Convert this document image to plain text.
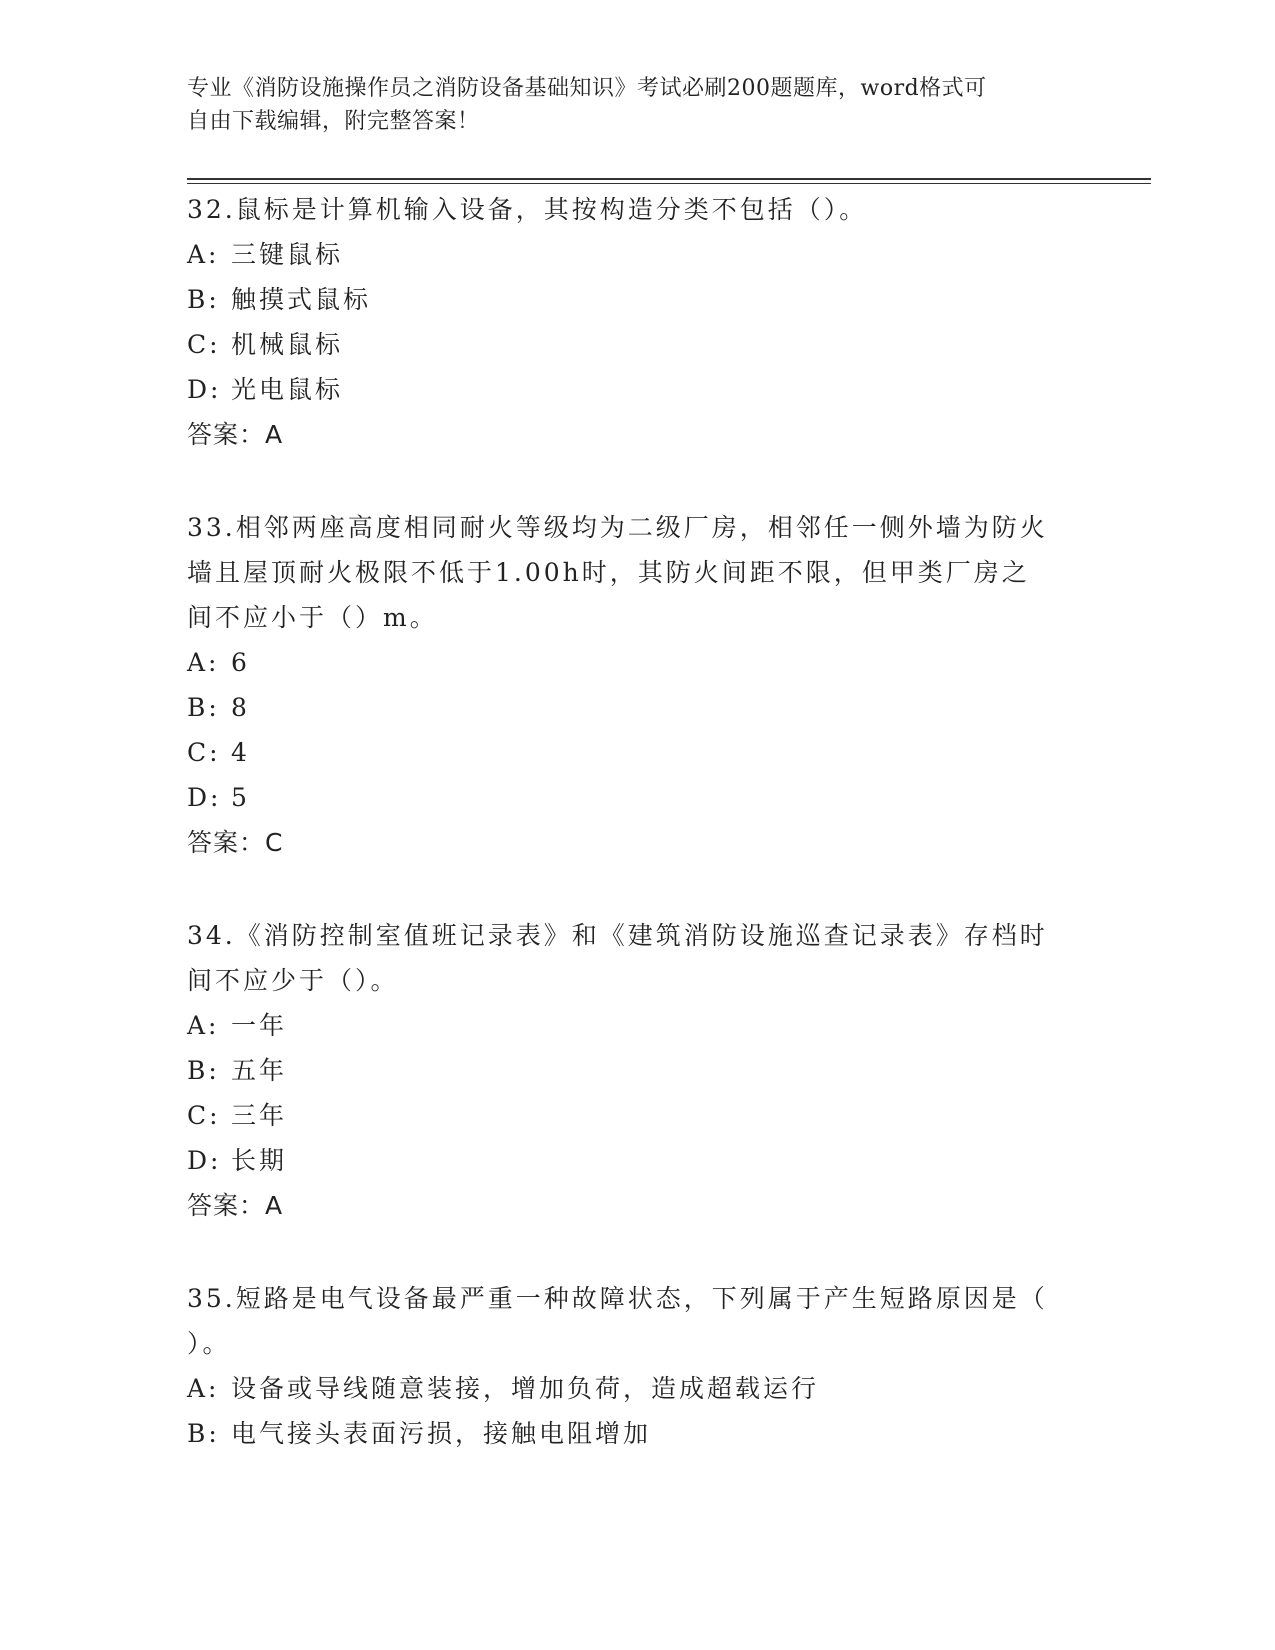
专业《消防设施操作员之消防设备基础知识》考试必刷200题题库，word格式可
自由下载编辑，附完整答案！

32.鼠标是计算机输入设备，其按构造分类不包括（）。

A: 三键鼠标

B: 触摸式鼠标

C: 机械鼠标

D: 光电鼠标

答案：A

33.相邻两座高度相同耐火等级均为二级厂房，相邻任一侧外墙为防火

墙且屋顶耐火极限不低于1.00h时，其防火间距不限，但甲类厂房之

间不应小于（）m。

A: 6

B: 8

C: 4

D: 5

答案：C

34.《消防控制室值班记录表》和《建筑消防设施巡查记录表》存档时

间不应少于（）。

A: 一年

B: 五年

C: 三年

D: 长期

答案：A

35.短路是电气设备最严重一种故障状态，下列属于产生短路原因是（

）。

A: 设备或导线随意装接，增加负荷，造成超载运行

B: 电气接头表面污损，接触电阻增加
